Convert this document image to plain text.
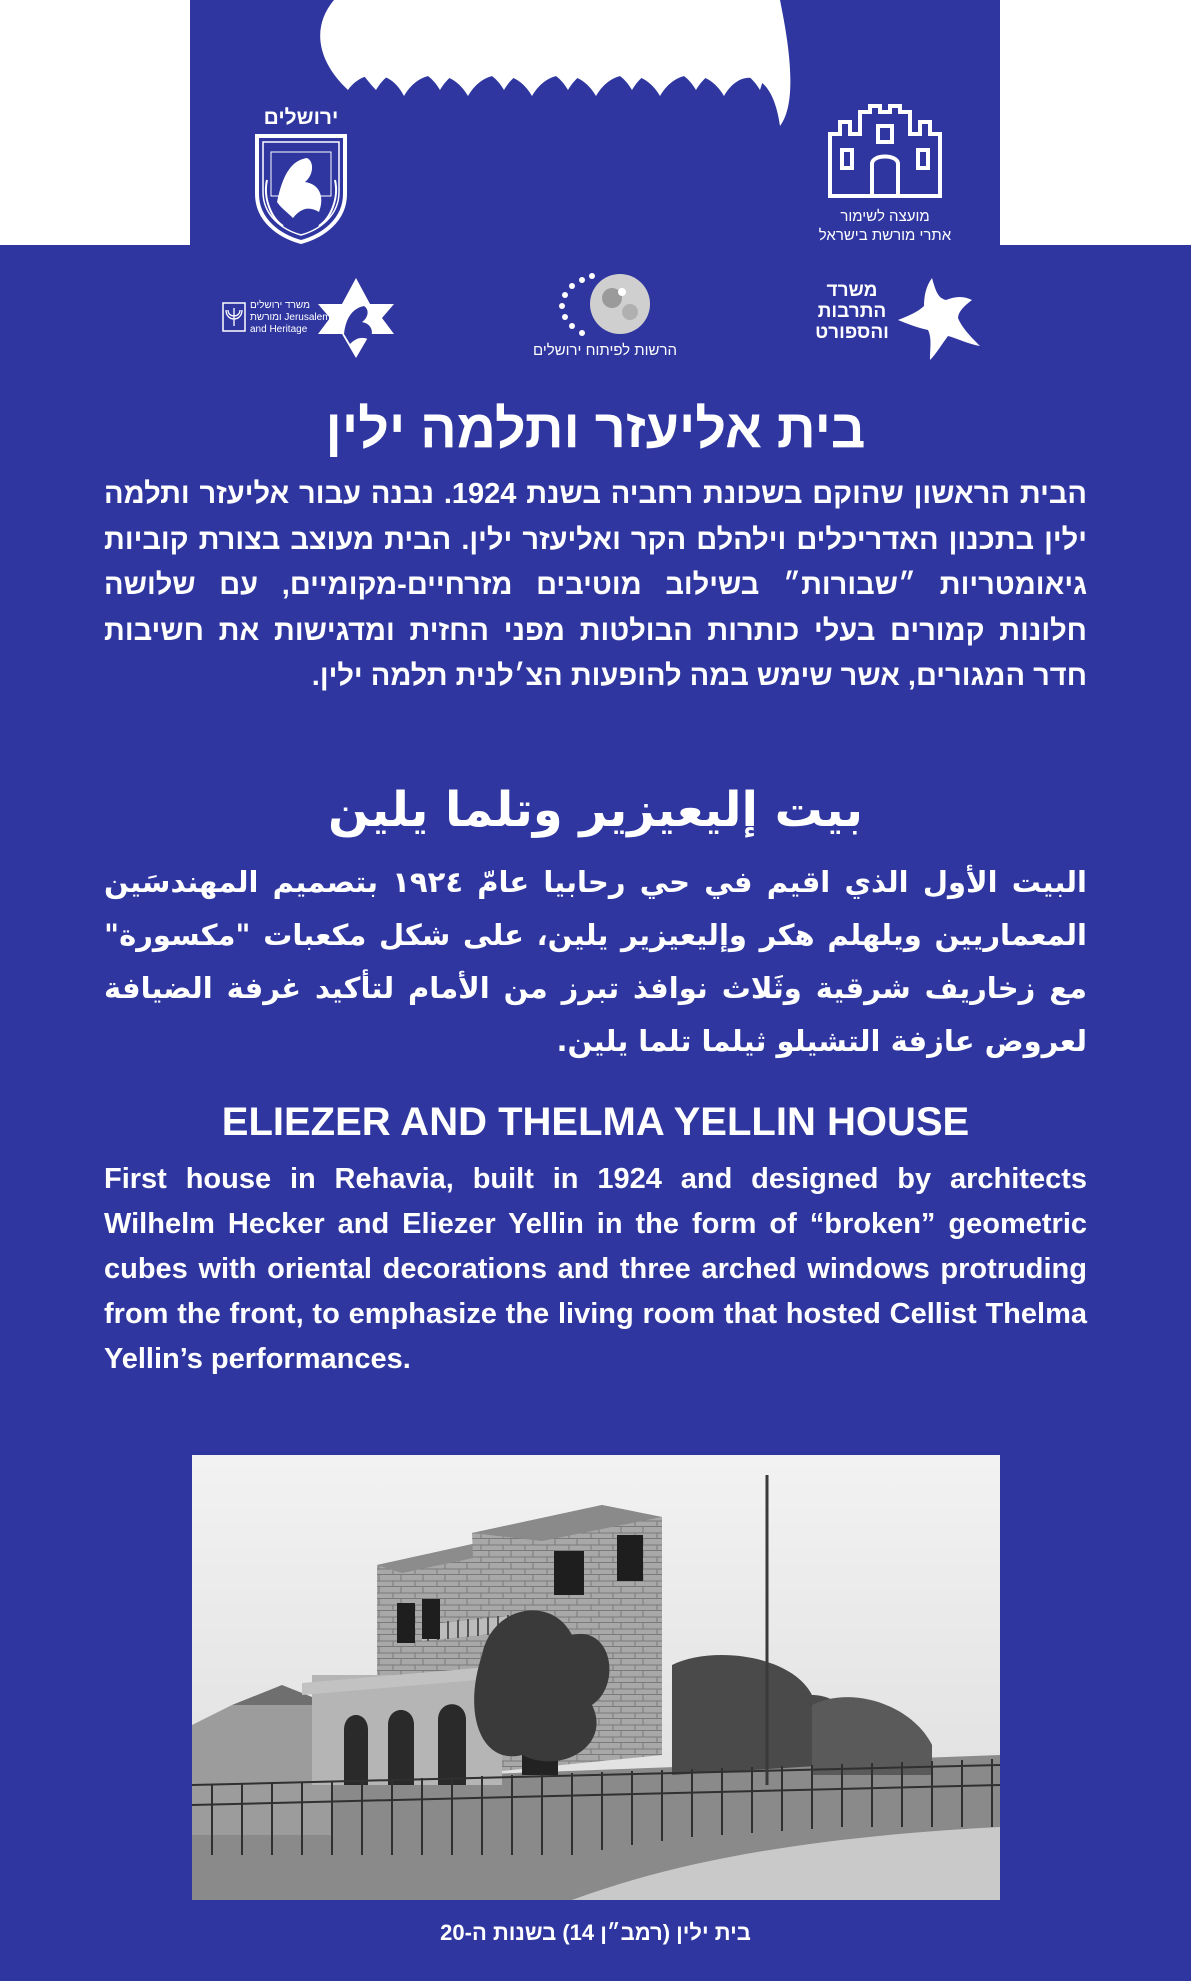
ירושלים
מועצה לשימור
אתרי מורשת בישראל
משרד ירושלים
ומורשת Jerusalem
and Heritage
הרשות לפיתוח ירושלים
משרד
התרבות
והספורט
בית אליעזר ותלמה ילין
הבית הראשון שהוקם בשכונת רחביה בשנת 1924. נבנה עבור אליעזר ותלמה ילין בתכנון האדריכלים וילהלם הקר ואליעזר ילין. הבית מעוצב בצורת קוביות גיאומטריות ״שבורות״ בשילוב מוטיבים מזרחיים-מקומיים, עם שלושה חלונות קמורים בעלי כותרות הבולטות מפני החזית ומדגישות את חשיבות חדר המגורים, אשר שימש במה להופעות הצ׳לנית תלמה ילין.
بيت إليعيزير وتلما يلين
البيت الأول الذي اقيم في حي رحابيا عامّ ١٩٢٤ بتصميم المهندسَين المعماريين ويلهلم هكر وإليعيزير يلين، على شكل مكعبات "مكسورة" مع زخاريف شرقية وثَلاث نوافذ تبرز من الأمام لتأكيد غرفة الضيافة لعروض عازفة التشيلو ثيلما تلما يلين.
ELIEZER AND THELMA YELLIN HOUSE
First house in Rehavia, built in 1924 and designed by architects Wilhelm Hecker and Eliezer Yellin in the form of “broken” geometric cubes with oriental decorations and three arched windows protruding from the front, to emphasize the living room that hosted Cellist Thelma Yellin’s performances.
בית ילין (רמב״ן 14) בשנות ה-20
